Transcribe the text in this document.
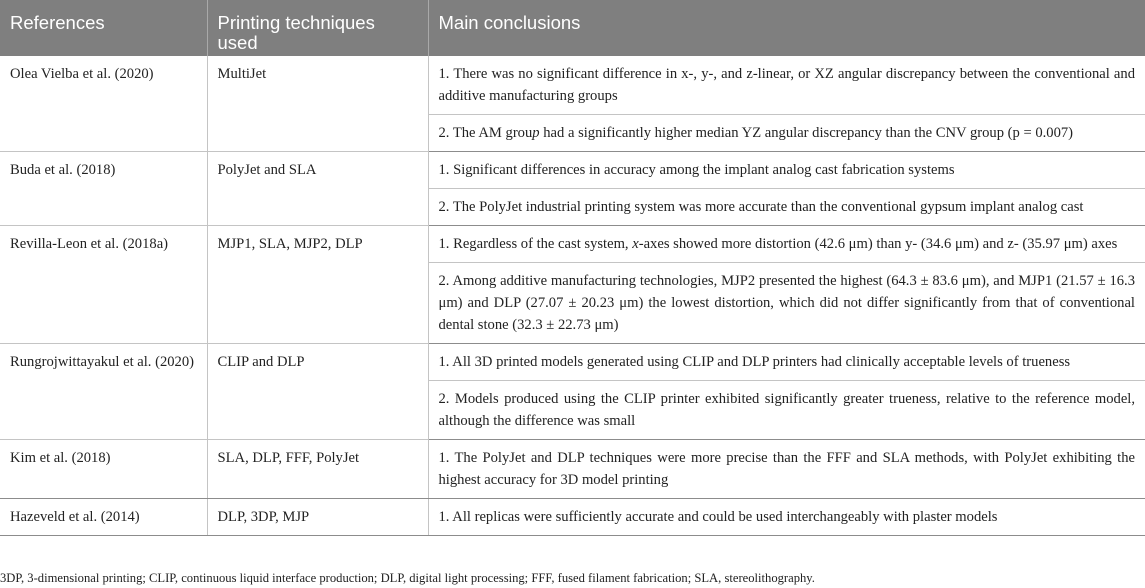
References	Printing techniques used	Main conclusions
Olea Vielba et al. (2020)	MultiJet	1. There was no significant difference in x-, y-, and z-linear, or XZ angular discrepancy between the conventional and additive manufacturing groups
		2. The AM group had a significantly higher median YZ angular discrepancy than the CNV group (p = 0.007)
Buda et al. (2018)	PolyJet and SLA	1. Significant differences in accuracy among the implant analog cast fabrication systems
		2. The PolyJet industrial printing system was more accurate than the conventional gypsum implant analog cast
Revilla-Leon et al. (2018a)	MJP1, SLA, MJP2, DLP	1. Regardless of the cast system, x-axes showed more distortion (42.6 μm) than y- (34.6 μm) and z- (35.97 μm) axes
		2. Among additive manufacturing technologies, MJP2 presented the highest (64.3 ± 83.6 μm), and MJP1 (21.57 ± 16.3 μm) and DLP (27.07 ± 20.23 μm) the lowest distortion, which did not differ significantly from that of conventional dental stone (32.3 ± 22.73 μm)
Rungrojwittayakul et al. (2020)	CLIP and DLP	1. All 3D printed models generated using CLIP and DLP printers had clinically acceptable levels of trueness
		2. Models produced using the CLIP printer exhibited significantly greater trueness, relative to the reference model, although the difference was small
Kim et al. (2018)	SLA, DLP, FFF, PolyJet	1. The PolyJet and DLP techniques were more precise than the FFF and SLA methods, with PolyJet exhibiting the highest accuracy for 3D model printing
Hazeveld et al. (2014)	DLP, 3DP, MJP	1. All replicas were sufficiently accurate and could be used interchangeably with plaster models
3DP, 3-dimensional printing; CLIP, continuous liquid interface production; DLP, digital light processing; FFF, fused filament fabrication; SLA, stereolithography.
